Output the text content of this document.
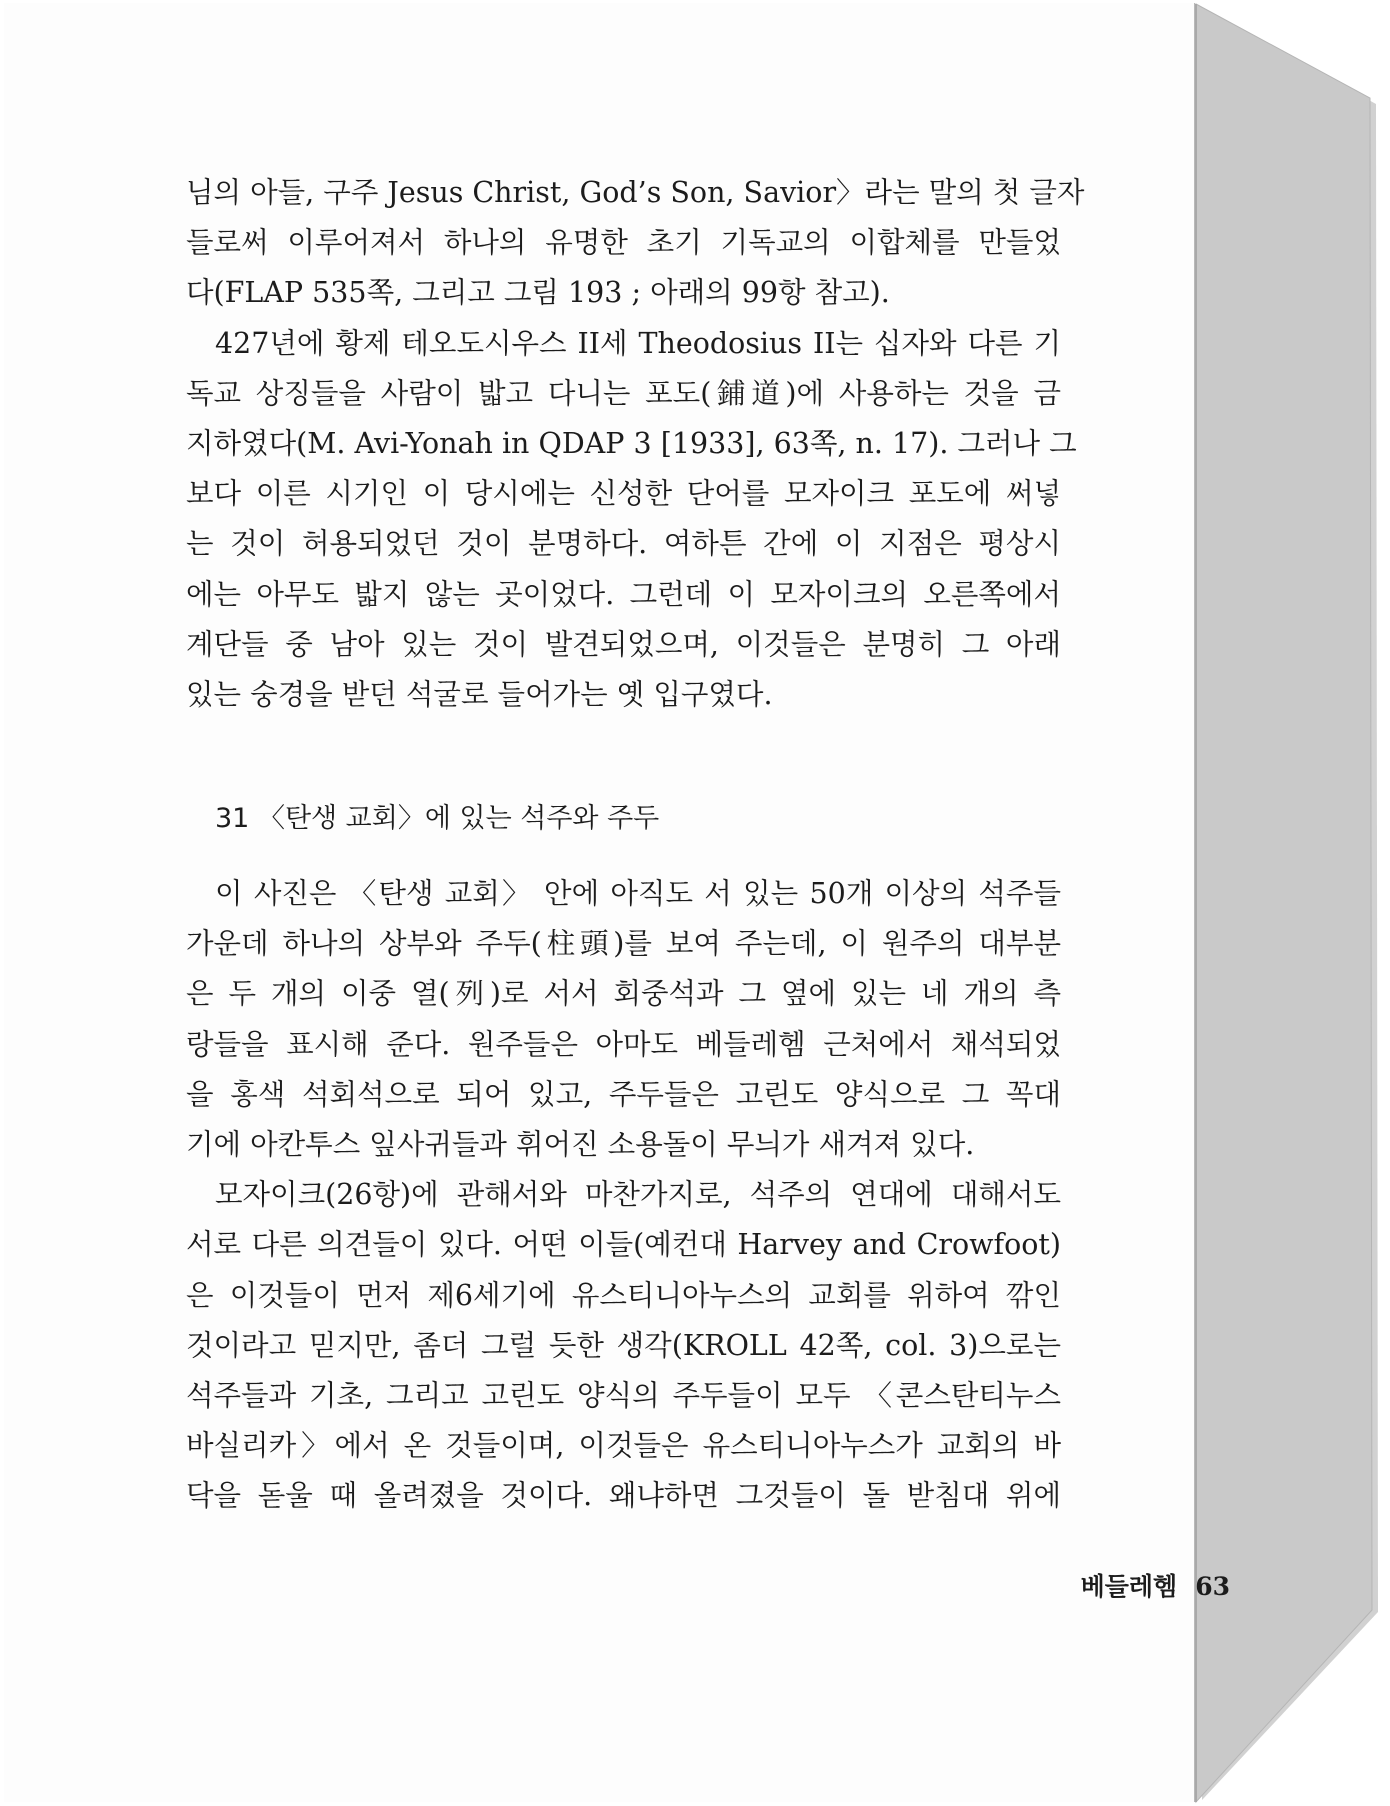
님의 아들, 구주 Jesus Christ, God’s Son, Savior〉라는 말의 첫 글자
들로써 이루어져서 하나의 유명한 초기 기독교의 이합체를 만들었
다(FLAP 535쪽, 그리고 그림 193 ; 아래의 99항 참고).
427년에 황제 테오도시우스 II세 Theodosius II는 십자와 다른 기
독교 상징들을 사람이 밟고 다니는 포도(鋪道)에 사용하는 것을 금
지하였다(M. Avi-Yonah in QDAP 3 [1933], 63쪽, n. 17). 그러나 그
보다 이른 시기인 이 당시에는 신성한 단어를 모자이크 포도에 써넣
는 것이 허용되었던 것이 분명하다. 여하튼 간에 이 지점은 평상시
에는 아무도 밟지 않는 곳이었다. 그런데 이 모자이크의 오른쪽에서
계단들 중 남아 있는 것이 발견되었으며, 이것들은 분명히 그 아래
있는 숭경을 받던 석굴로 들어가는 옛 입구였다.
31 〈탄생 교회〉에 있는 석주와 주두
이 사진은 〈탄생 교회〉 안에 아직도 서 있는 50개 이상의 석주들
가운데 하나의 상부와 주두(柱頭)를 보여 주는데, 이 원주의 대부분
은 두 개의 이중 열(列)로 서서 회중석과 그 옆에 있는 네 개의 측
랑들을 표시해 준다. 원주들은 아마도 베들레헴 근처에서 채석되었
을 홍색 석회석으로 되어 있고, 주두들은 고린도 양식으로 그 꼭대
기에 아칸투스 잎사귀들과 휘어진 소용돌이 무늬가 새겨져 있다.
모자이크(26항)에 관해서와 마찬가지로, 석주의 연대에 대해서도
서로 다른 의견들이 있다. 어떤 이들(예컨대 Harvey and Crowfoot)
은 이것들이 먼저 제6세기에 유스티니아누스의 교회를 위하여 깎인
것이라고 믿지만, 좀더 그럴 듯한 생각(KROLL 42쪽, col. 3)으로는
석주들과 기초, 그리고 고린도 양식의 주두들이 모두 〈콘스탄티누스
바실리카〉에서 온 것들이며, 이것들은 유스티니아누스가 교회의 바
닥을 돋울 때 올려졌을 것이다. 왜냐하면 그것들이 돌 받침대 위에
베들레헴 63
